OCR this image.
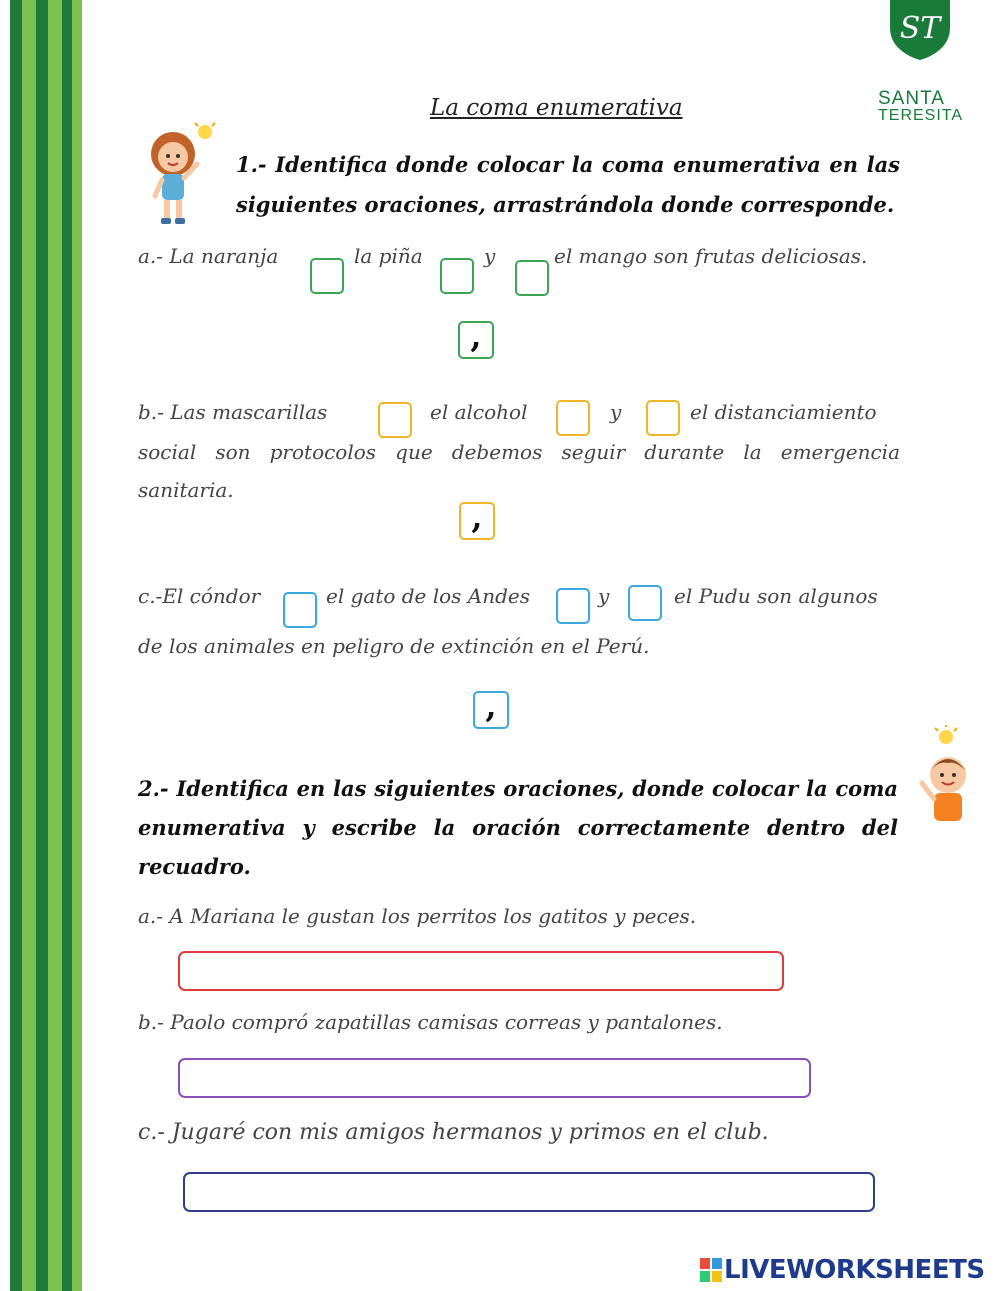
ST
SANTA
TERESITA
La coma enumerativa
1.- Identifica donde colocar la coma enumerativa en las
siguientes oraciones, arrastrándola donde corresponde.
a.- La naranja	la piña	y	el mango son frutas deliciosas.
,
b.- Las mascarillas	el alcohol	y	el distanciamiento
social son protocolos que debemos seguir durante la emergencia
sanitaria.
,
c.-El cóndor	el gato de los Andes	y	el Pudu son algunos
de los animales en peligro de extinción en el Perú.
,
2.- Identifica en las siguientes oraciones, donde colocar la coma
enumerativa y escribe la oración correctamente dentro del
recuadro.
a.- A Mariana le gustan los perritos los gatitos y peces.
b.- Paolo compró zapatillas camisas correas y pantalones.
c.- Jugaré con mis amigos hermanos y primos en el club.
LIVEWORKSHEETS
